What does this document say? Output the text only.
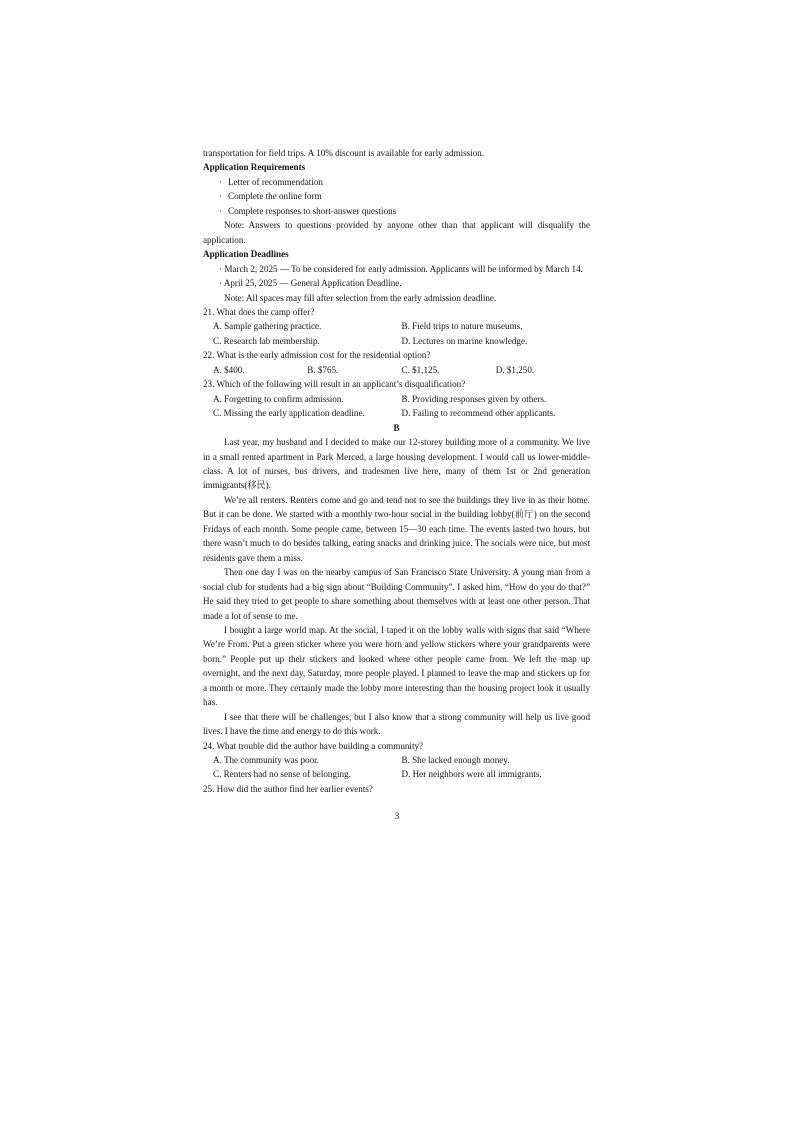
transportation for field trips. A 10% discount is available for early admission.

Application Requirements

· Letter of recommendation

· Complete the online form

· Complete responses to short-answer questions

Note: Answers to questions provided by anyone other than that applicant will disqualify the application.

Application Deadlines

· March 2, 2025 — To be considered for early admission. Applicants will be informed by March 14.

· April 25, 2025 — General Application Deadline.

Note: All spaces may fill after selection from the early admission deadline.

21. What does the camp offer?

A. Sample gathering practice.	B. Field trips to nature museums.
C. Research lab membership.	D. Lectures on marine knowledge.

22. What is the early admission cost for the residential option?

A. $400.	B. $765.	C. $1,125.	D. $1,250.

23. Which of the following will result in an applicant’s disqualification?

A. Forgetting to confirm admission.	B. Providing responses given by others.
C. Missing the early application deadline.	D. Failing to recommend other applicants.

B

Last year, my husband and I decided to make our 12-storey building more of a community. We live in a small rented apartment in Park Merced, a large housing development. I would call us lower-middle-class. A lot of nurses, bus drivers, and tradesmen live here, many of them 1st or 2nd generation immigrants(移民).

We’re all renters. Renters come and go and tend not to see the buildings they live in as their home. But it can be done. We started with a monthly two-hour social in the building lobby(前厅) on the second Fridays of each month. Some people came, between 15—30 each time. The events lasted two hours, but there wasn’t much to do besides talking, eating snacks and drinking juice. The socials were nice, but most residents gave them a miss.

Then one day I was on the nearby campus of San Francisco State University. A young man from a social club for students had a big sign about “Building Community”. I asked him, “How do you do that?” He said they tried to get people to share something about themselves with at least one other person. That made a lot of sense to me.

I bought a large world map. At the social, I taped it on the lobby walls with signs that said “Where We’re From. Put a green sticker where you were born and yellow stickers where your grandparents were born.” People put up their stickers and looked where other people came from. We left the map up overnight, and the next day, Saturday, more people played. I planned to leave the map and stickers up for a month or more. They certainly made the lobby more interesting than the housing project look it usually has.

I see that there will be challenges, but I also know that a strong community will help us live good lives. I have the time and energy to do this work.

24. What trouble did the author have building a community?

A. The community was poor.	B. She lacked enough money.
C. Renters had no sense of belonging.	D. Her neighbors were all immigrants.

25. How did the author find her earlier events?

3
